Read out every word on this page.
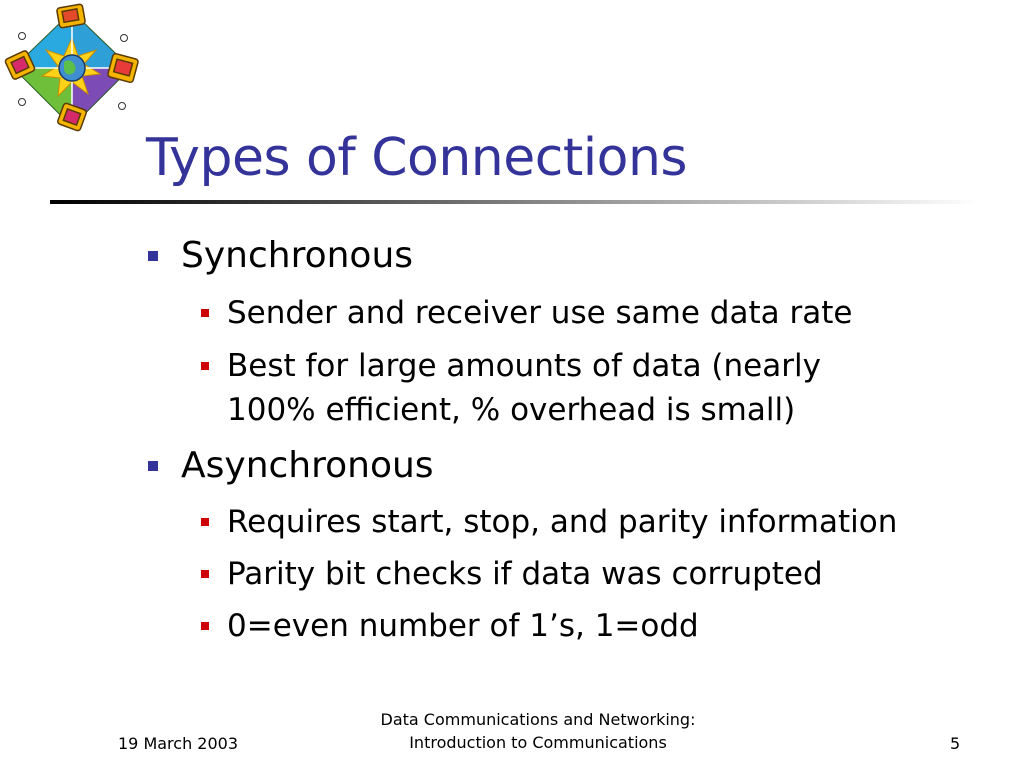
Types of Connections
Synchronous
Sender and receiver use same data rate
Best for large amounts of data (nearly
100% efficient, % overhead is small)
Asynchronous
Requires start, stop, and parity information
Parity bit checks if data was corrupted
0=even number of 1’s, 1=odd
19 March 2003
Data Communications and Networking:
Introduction to Communications	5
